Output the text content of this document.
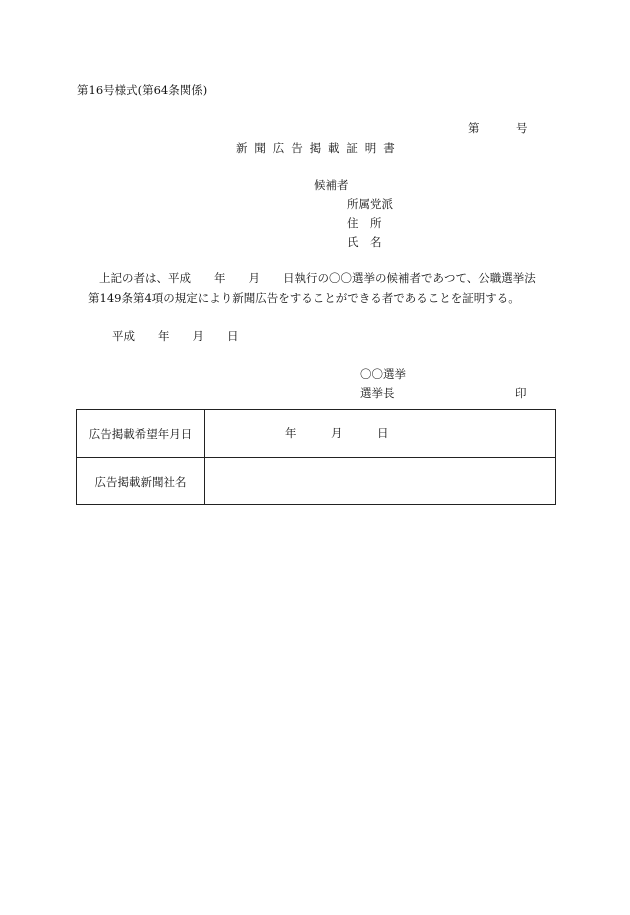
第16号様式(第64条関係)
第	号
新聞広告掲載証明書
候補者
所属党派
住　所
氏　名
上記の者は、平成　　年　　月　　日執行の〇〇選挙の候補者であつて、公職選挙法
第149条第4項の規定により新聞広告をすることができる者であることを証明する。
平成　　年　　月　　日
〇〇選挙
選挙長	印
広告掲載希望年月日	年　　　月　　　日
広告掲載新聞社名
